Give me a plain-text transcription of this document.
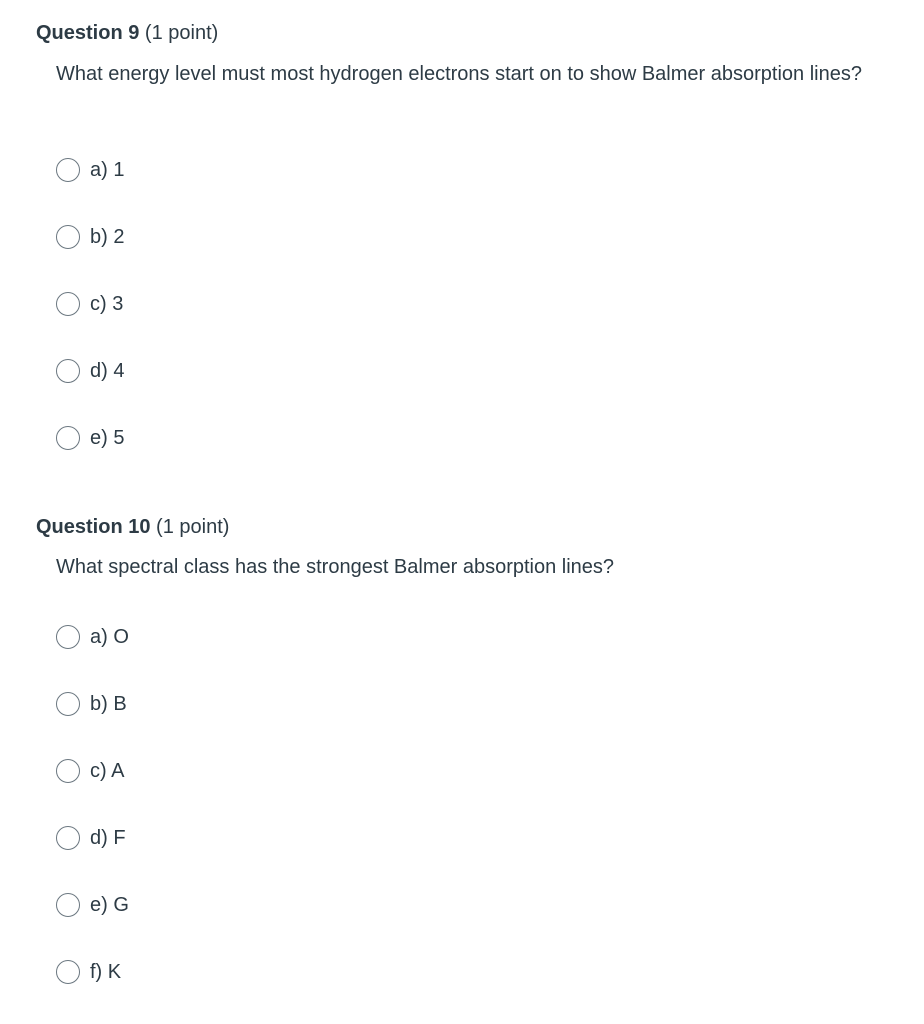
Question 9 (1 point)
What energy level must most hydrogen electrons start on to show Balmer absorption lines?
a) 1
b) 2
c) 3
d) 4
e) 5
Question 10 (1 point)
What spectral class has the strongest Balmer absorption lines?
a) O
b) B
c) A
d) F
e) G
f) K
